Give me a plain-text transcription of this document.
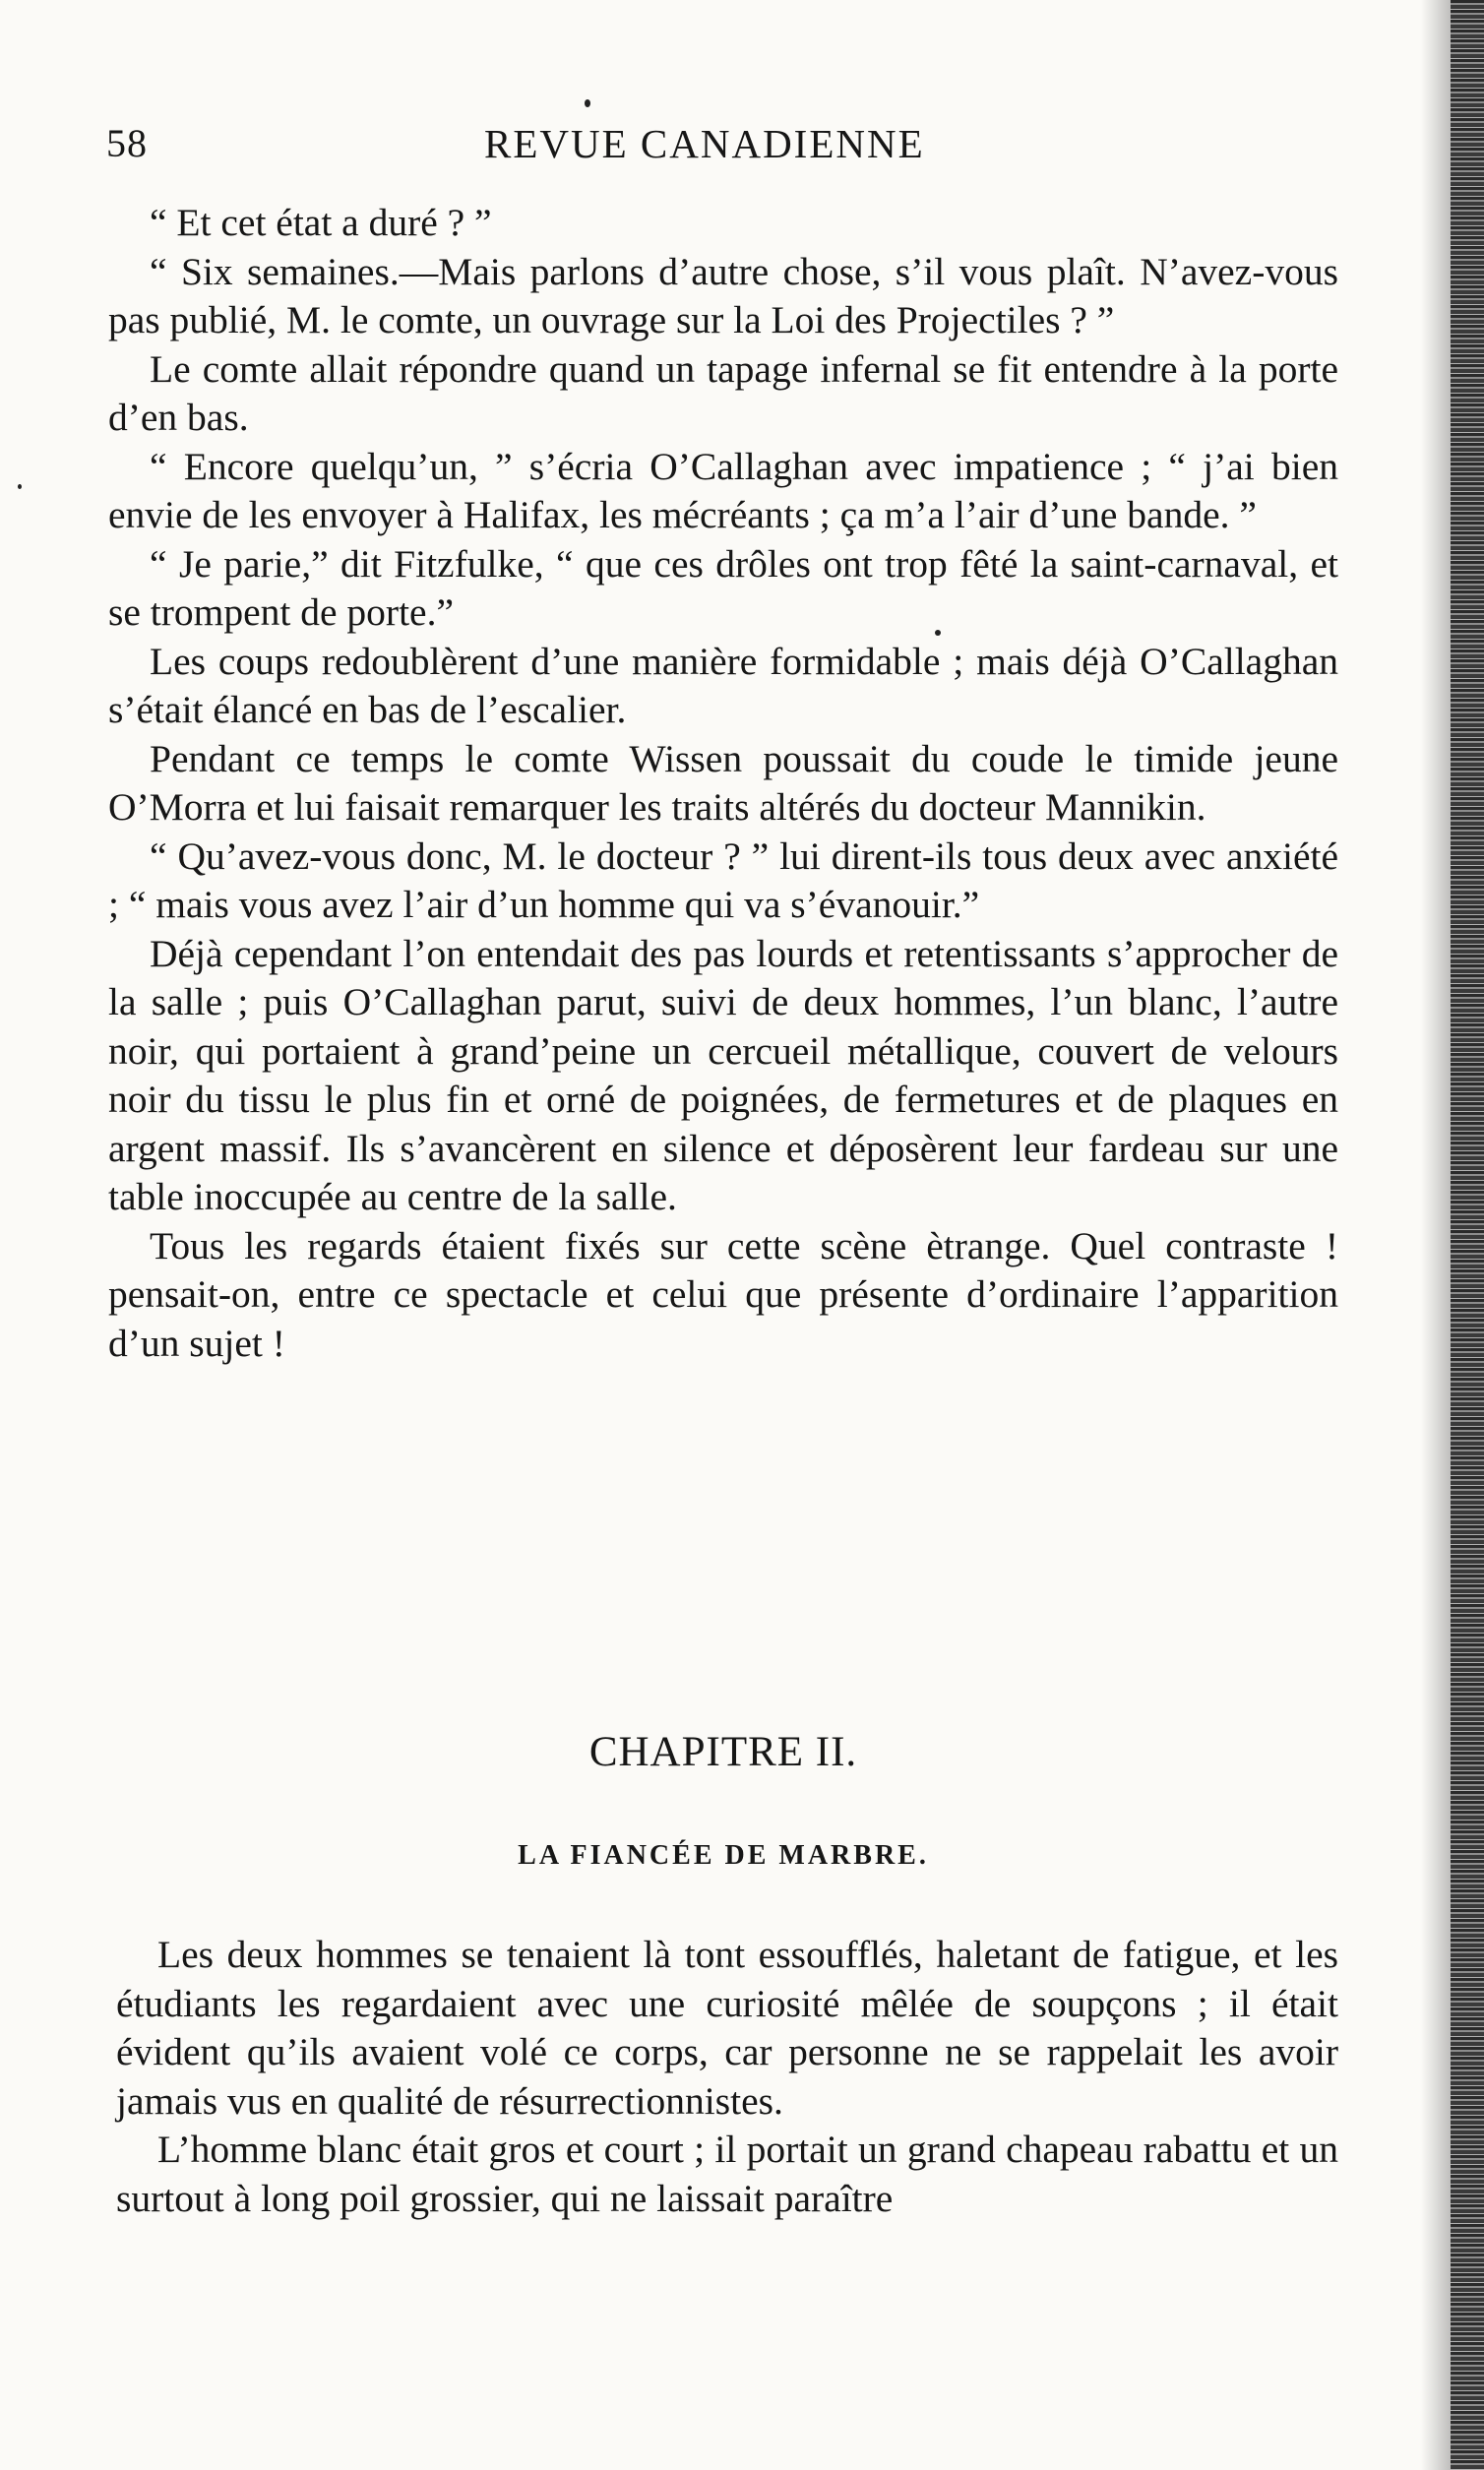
58	REVUE CANADIENNE

“ Et cet état a duré ? ”

“ Six semaines.—Mais parlons d’autre chose, s’il vous plaît. N’avez-vous pas publié, M. le comte, un ouvrage sur la Loi des Projectiles ? ”

Le comte allait répondre quand un tapage infernal se fit entendre à la porte d’en bas.

“ Encore quelqu’un, ” s’écria O’Callaghan avec impatience ; “ j’ai bien envie de les envoyer à Halifax, les mécréants ; ça m’a l’air d’une bande. ”

“ Je parie,” dit Fitzfulke, “ que ces drôles ont trop fêté la saint-carnaval, et se trompent de porte.”

Les coups redoublèrent d’une manière formidable ; mais déjà O’Callaghan s’était élancé en bas de l’escalier.

Pendant ce temps le comte Wissen poussait du coude le timide jeune O’Morra et lui faisait remarquer les traits altérés du docteur Mannikin.

“ Qu’avez-vous donc, M. le docteur ? ” lui dirent-ils tous deux avec anxiété ; “ mais vous avez l’air d’un homme qui va s’évanouir.”

Déjà cependant l’on entendait des pas lourds et retentissants s’approcher de la salle ; puis O’Callaghan parut, suivi de deux hommes, l’un blanc, l’autre noir, qui portaient à grand’peine un cercueil métallique, couvert de velours noir du tissu le plus fin et orné de poignées, de fermetures et de plaques en argent massif. Ils s’avancèrent en silence et déposèrent leur fardeau sur une table inoccupée au centre de la salle.

Tous les regards étaient fixés sur cette scène ètrange. Quel contraste ! pensait-on, entre ce spectacle et celui que présente d’ordinaire l’apparition d’un sujet !

CHAPITRE II.
LA FIANCÉE DE MARBRE.

Les deux hommes se tenaient là tont essoufflés, haletant de fatigue, et les étudiants les regardaient avec une curiosité mêlée de soupçons ; il était évident qu’ils avaient volé ce corps, car personne ne se rappelait les avoir jamais vus en qualité de résurrectionnistes.

L’homme blanc était gros et court ; il portait un grand chapeau rabattu et un surtout à long poil grossier, qui ne laissait paraître
